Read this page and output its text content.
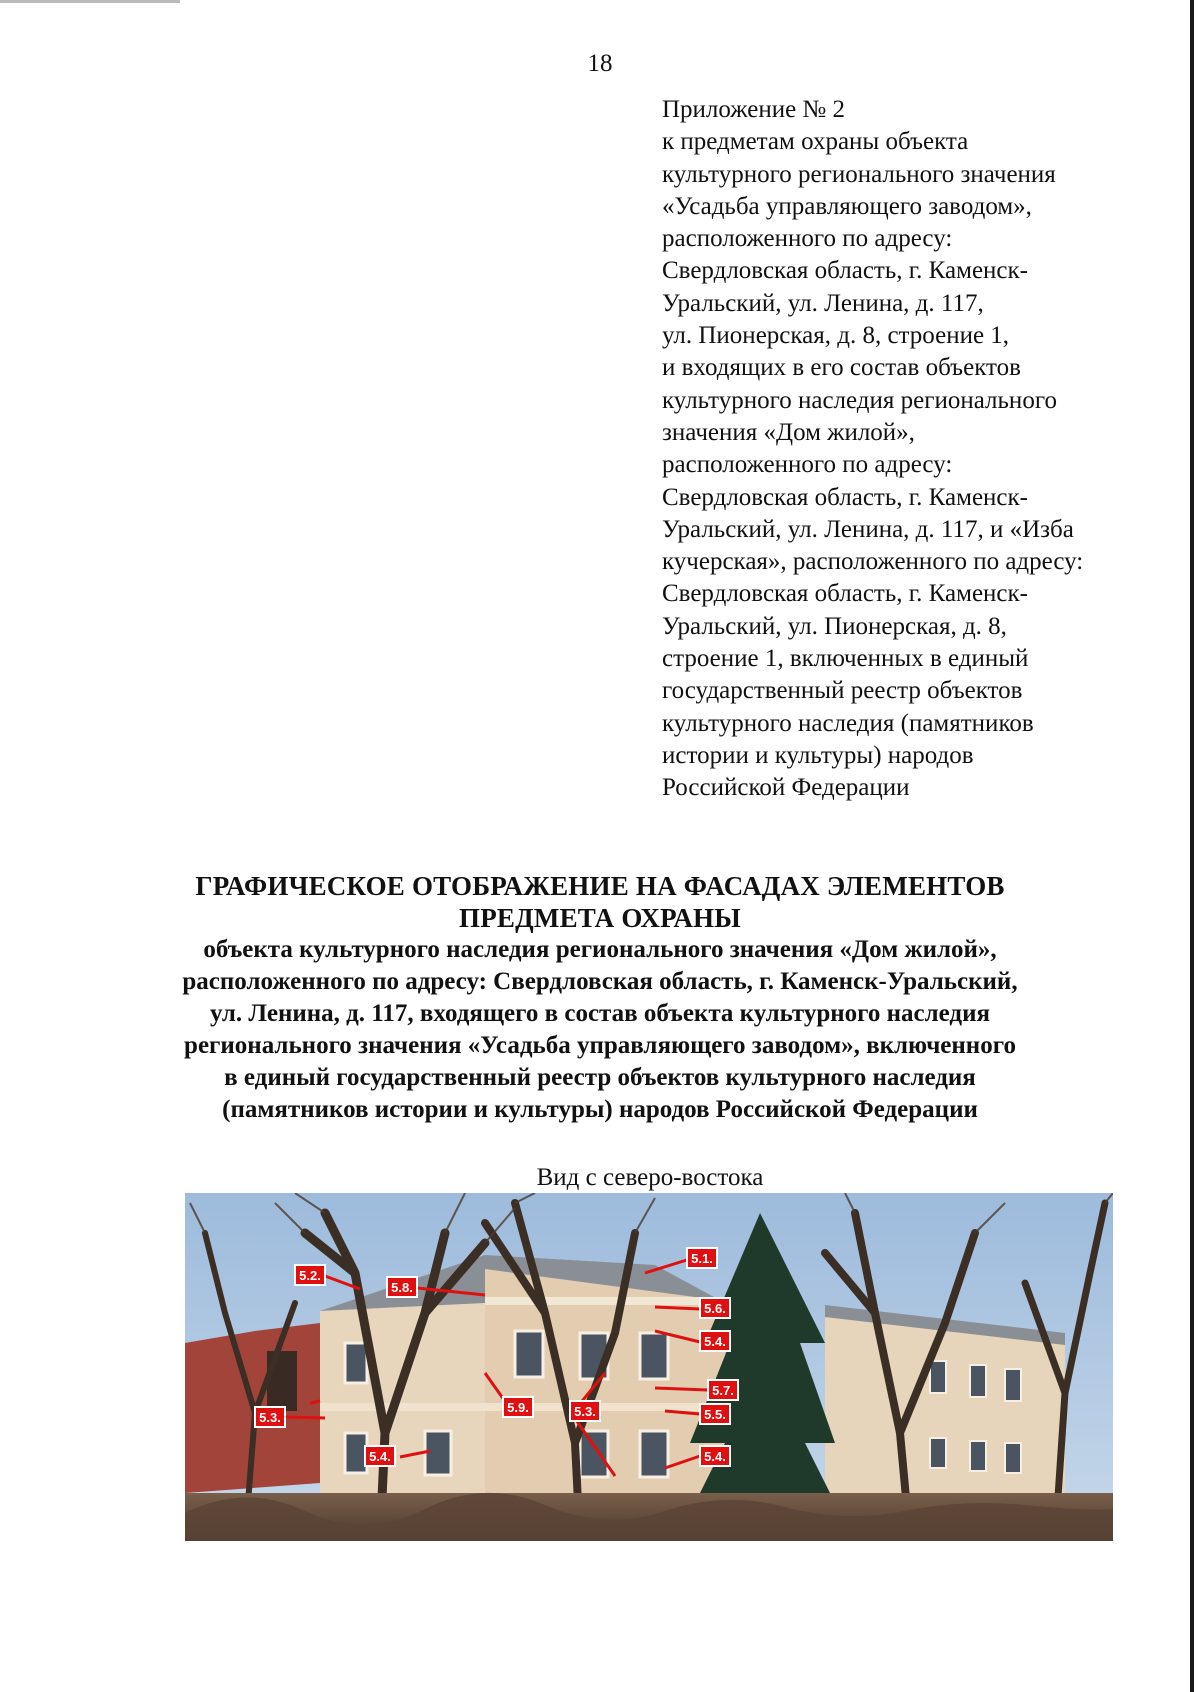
18
Приложение № 2
к предметам охраны объекта
культурного регионального значения
«Усадьба управляющего заводом»,
расположенного по адресу:
Свердловская область, г. Каменск-
Уральский, ул. Ленина, д. 117,
ул. Пионерская, д. 8, строение 1,
и входящих в его состав объектов
культурного наследия регионального
значения «Дом жилой»,
расположенного по адресу:
Свердловская область, г. Каменск-
Уральский, ул. Ленина, д. 117, и «Изба
кучерская», расположенного по адресу:
Свердловская область, г. Каменск-
Уральский, ул. Пионерская, д. 8,
строение 1, включенных в единый
государственный реестр объектов
культурного наследия (памятников
истории и культуры) народов
Российской Федерации
ГРАФИЧЕСКОЕ ОТОБРАЖЕНИЕ НА ФАСАДАХ ЭЛЕМЕНТОВ
ПРЕДМЕТА ОХРАНЫ
объекта культурного наследия регионального значения «Дом жилой»,
расположенного по адресу: Свердловская область, г. Каменск-Уральский,
ул. Ленина, д. 117, входящего в состав объекта культурного наследия
регионального значения «Усадьба управляющего заводом», включенного
в единый государственный реестр объектов культурного наследия
(памятников истории и культуры) народов Российской Федерации
Вид с северо-востока
5.2.
5.8.
5.1.
5.6.
5.4.
5.7.
5.9.	5.3.	5.5.
5.3.
5.4.	5.4.
